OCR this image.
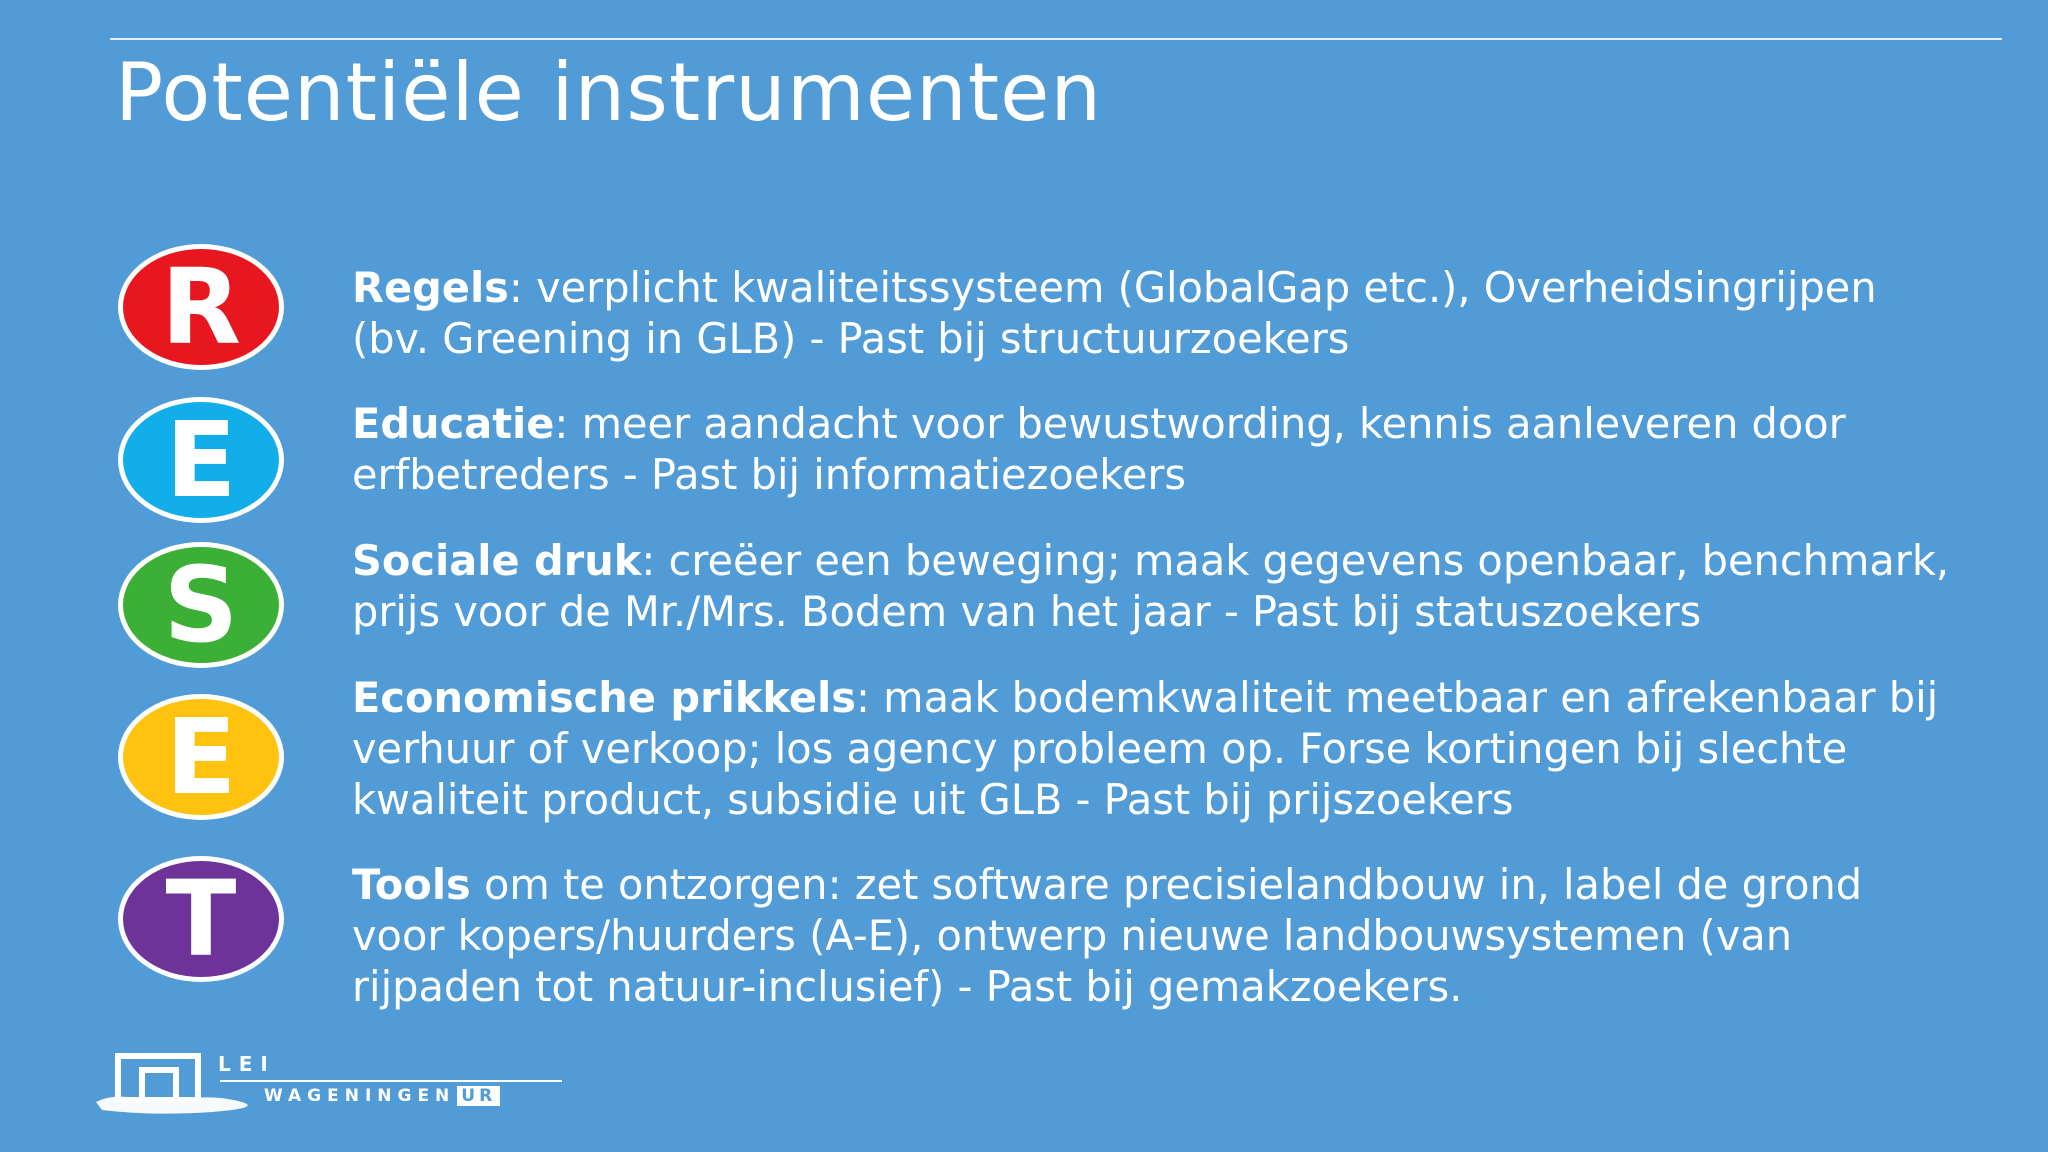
Potentiële instrumenten
R	Regels: verplicht kwaliteitssysteem (GlobalGap etc.), Overheidsingrijpen
(bv. Greening in GLB) - Past bij structuurzoekers
E	Educatie: meer aandacht voor bewustwording, kennis aanleveren door
erfbetreders - Past bij informatiezoekers
S	Sociale druk: creëer een beweging; maak gegevens openbaar, benchmark,
prijs voor de Mr./Mrs. Bodem van het jaar - Past bij statuszoekers
E	Economische prikkels: maak bodemkwaliteit meetbaar en afrekenbaar bij
verhuur of verkoop; los agency probleem op. Forse kortingen bij slechte
kwaliteit product, subsidie uit GLB - Past bij prijszoekers
T	Tools om te ontzorgen: zet software precisielandbouw in, label de grond
voor kopers/huurders (A-E), ontwerp nieuwe landbouwsystemen (van
rijpaden tot natuur-inclusief) - Past bij gemakzoekers.
LEI
WAGENINGEN UR
